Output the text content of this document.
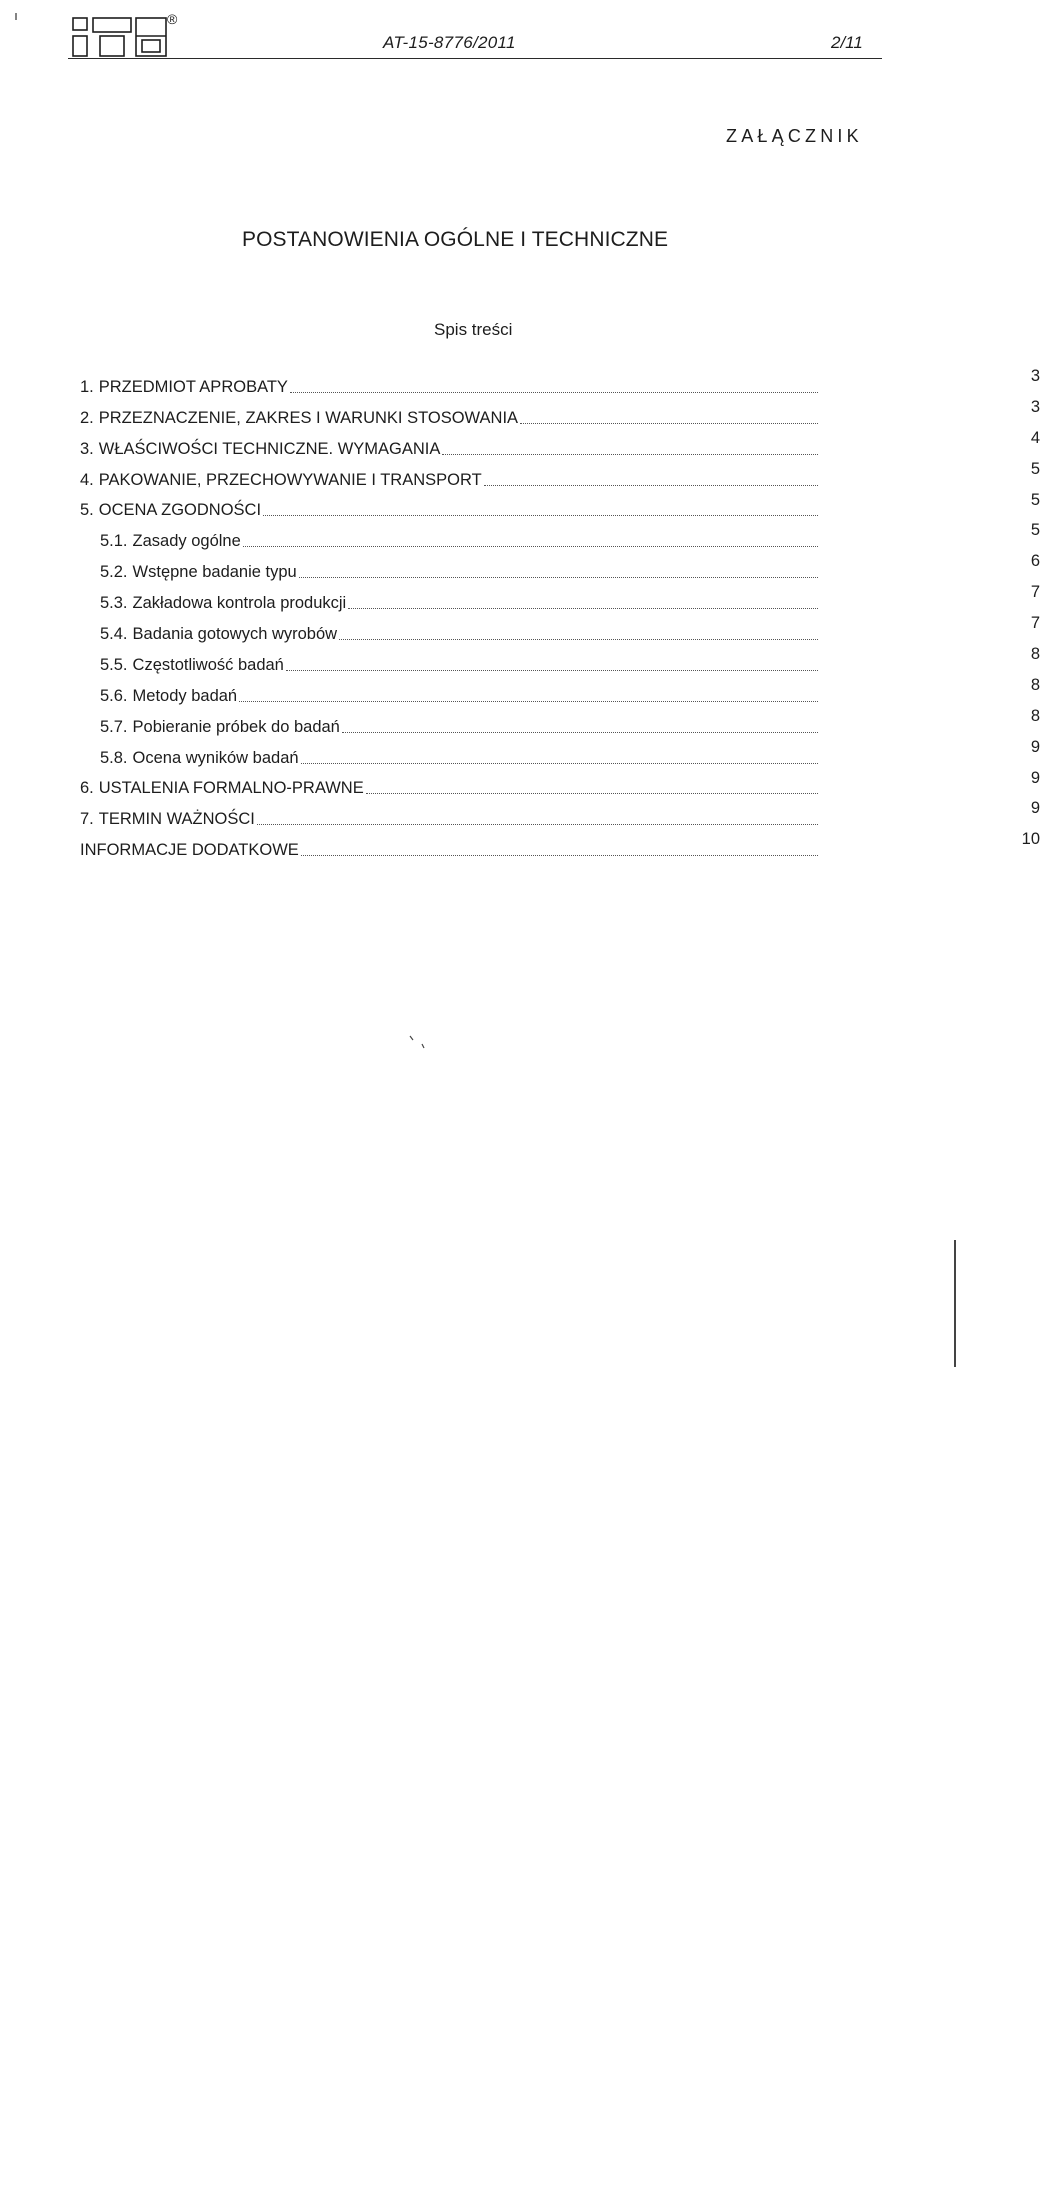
®
AT-15-8776/2011	2/11
ZAŁĄCZNIK
POSTANOWIENIA OGÓLNE I TECHNICZNE
Spis treści
1. PRZEDMIOT APROBATY
3
2. PRZEZNACZENIE, ZAKRES I WARUNKI STOSOWANIA
3
3. WŁAŚCIWOŚCI TECHNICZNE. WYMAGANIA
4
4. PAKOWANIE, PRZECHOWYWANIE I TRANSPORT
5
5. OCENA ZGODNOŚCI
5
5.1. Zasady ogólne
5
5.2. Wstępne badanie typu
6
5.3. Zakładowa kontrola produkcji
7
5.4. Badania gotowych wyrobów
7
5.5. Częstotliwość badań
8
5.6. Metody badań
8
5.7. Pobieranie próbek do badań
8
5.8. Ocena wyników badań
9
6. USTALENIA FORMALNO-PRAWNE
9
7. TERMIN WAŻNOŚCI
9
INFORMACJE DODATKOWE
10
